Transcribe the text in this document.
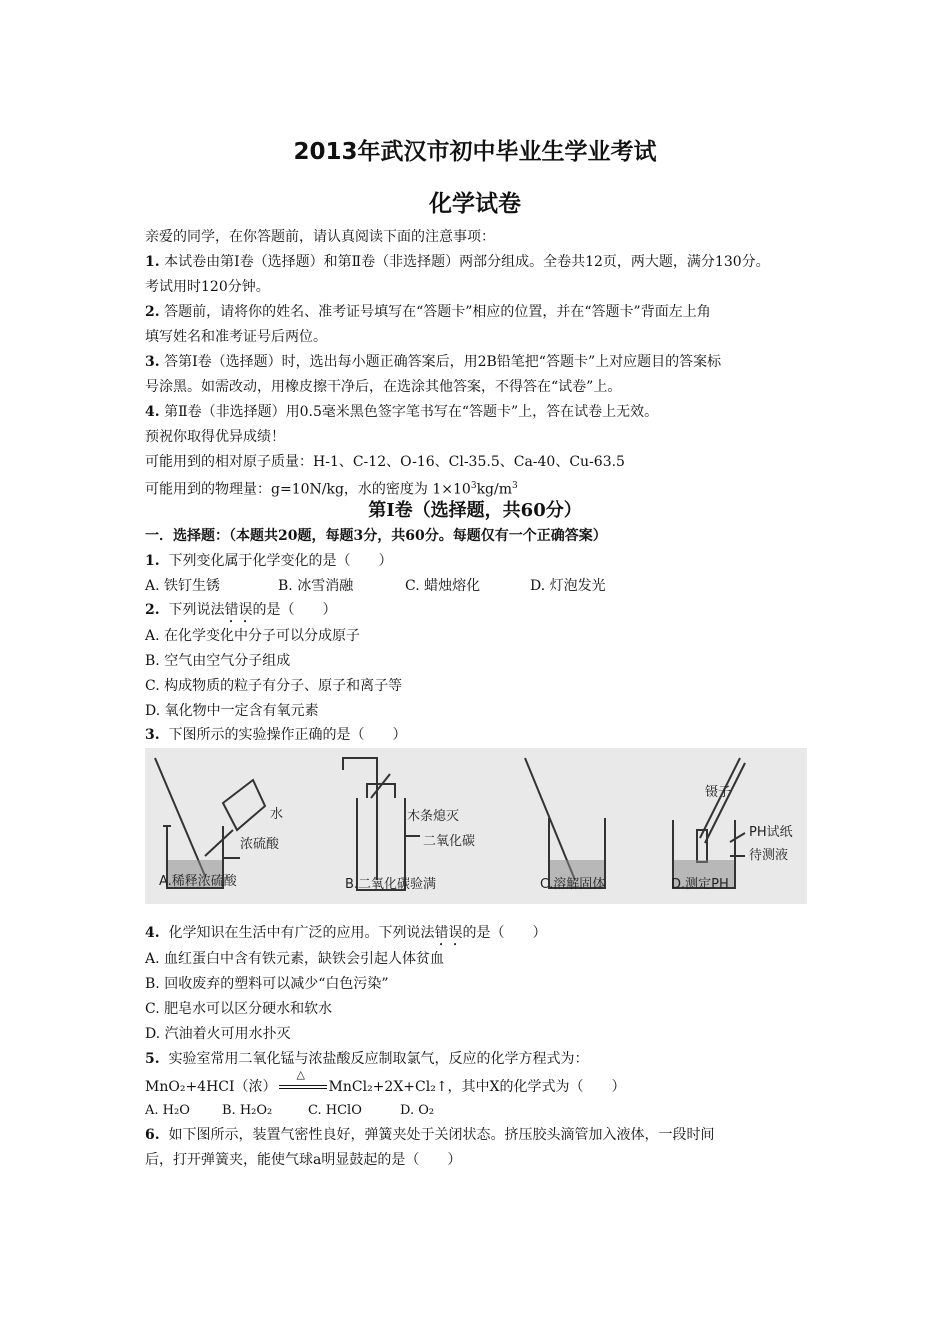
2013年武汉市初中毕业生学业考试
化学试卷
亲爱的同学，在你答题前，请认真阅读下面的注意事项：
1. 本试卷由第Ⅰ卷（选择题）和第Ⅱ卷（非选择题）两部分组成。全卷共12页，两大题，满分130分。
考试用时120分钟。
2. 答题前，请将你的姓名、准考证号填写在“答题卡”相应的位置，并在“答题卡”背面左上角
填写姓名和准考证号后两位。
3. 答第Ⅰ卷（选择题）时，选出每小题正确答案后，用2B铅笔把“答题卡”上对应题目的答案标
号涂黑。如需改动，用橡皮擦干净后，在选涂其他答案，不得答在“试卷”上。
4. 第Ⅱ卷（非选择题）用0.5毫米黑色签字笔书写在“答题卡”上，答在试卷上无效。
预祝你取得优异成绩！
可能用到的相对原子质量：H-1、C-12、O-16、Cl-35.5、Ca-40、Cu-63.5
可能用到的物理量：g=10N/kg，水的密度为 $1\times 10^3kg/m^3$
第Ⅰ卷（选择题，共60分）
一．选择题：（本题共20题，每题3分，共60分。每题仅有一个正确答案）
1. 下列变化属于化学变化的是（　　）
A. 铁钉生锈	B. 冰雪消融	C. 蜡烛熔化	D. 灯泡发光
2. 下列说法错误的是（　　）
A. 在化学变化中分子可以分成原子
B. 空气由空气分子组成
C. 构成物质的粒子有分子、原子和离子等
D. 氧化物中一定含有氧元素
3. 下图所示的实验操作正确的是（　　）
水
浓硫酸
木条熄灭
二氧化碳
镊子
PH试纸
待测液
A.稀释浓硫酸	B.二氧化碳验满	C.溶解固体	D.测定PH
4. 化学知识在生活中有广泛的应用。下列说法错误的是（　　）
A. 血红蛋白中含有铁元素，缺铁会引起人体贫血
B. 回收废弃的塑料可以减少“白色污染”
C. 肥皂水可以区分硬水和软水
D. 汽油着火可用水扑灭
5. 实验室常用二氧化锰与浓盐酸反应制取氯气，反应的化学方程式为：
MnO₂+4HCI（浓）
△
MnCl₂+2X+Cl₂↑，其中X的化学式为（　　）
A. H₂O B. H₂O₂	C. HClO	D. O₂
6. 如下图所示，装置气密性良好，弹簧夹处于关闭状态。挤压胶头滴管加入液体，一段时间
后，打开弹簧夹，能使气球a明显鼓起的是（　　）
